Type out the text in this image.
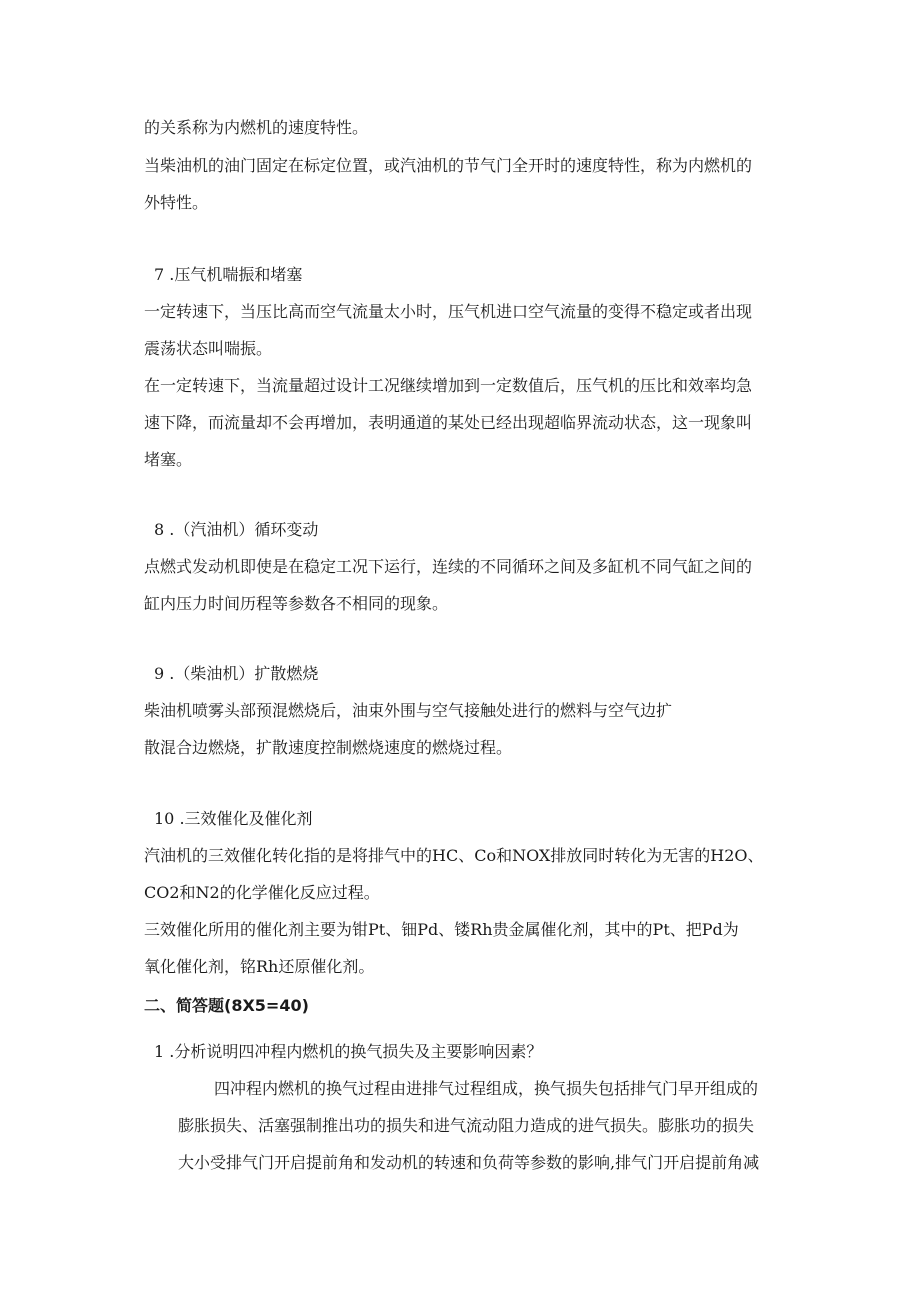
的关系称为内燃机的速度特性。
当柴油机的油门固定在标定位置，或汽油机的节气门全开时的速度特性，称为内燃机的
外特性。
7 .压气机喘振和堵塞
一定转速下，当压比高而空气流量太小时，压气机进口空气流量的变得不稳定或者出现
震荡状态叫喘振。
在一定转速下，当流量超过设计工况继续增加到一定数值后，压气机的压比和效率均急
速下降，而流量却不会再增加，表明通道的某处已经出现超临界流动状态，这一现象叫
堵塞。
8 .（汽油机）循环变动
点燃式发动机即使是在稳定工况下运行，连续的不同循环之间及多缸机不同气缸之间的
缸内压力时间历程等参数各不相同的现象。
9 .（柴油机）扩散燃烧
柴油机喷雾头部预混燃烧后，油束外围与空气接触处进行的燃料与空气边扩
散混合边燃烧，扩散速度控制燃烧速度的燃烧过程。
10 .三效催化及催化剂
汽油机的三效催化转化指的是将排气中的HC、Co和NOX排放同时转化为无害的H2O、
CO2和N2的化学催化反应过程。
三效催化所用的催化剂主要为钳Pt、钿Pd、镂Rh贵金属催化剂，其中的Pt、把Pd为
氧化催化剂，铭Rh还原催化剂。
二、简答题(8X5=40)
1 .分析说明四冲程内燃机的换气损失及主要影响因素？
四冲程内燃机的换气过程由进排气过程组成，换气损失包括排气门早开组成的
膨胀损失、活塞强制推出功的损失和进气流动阻力造成的进气损失。膨胀功的损失
大小受排气门开启提前角和发动机的转速和负荷等参数的影响,排气门开启提前角减
